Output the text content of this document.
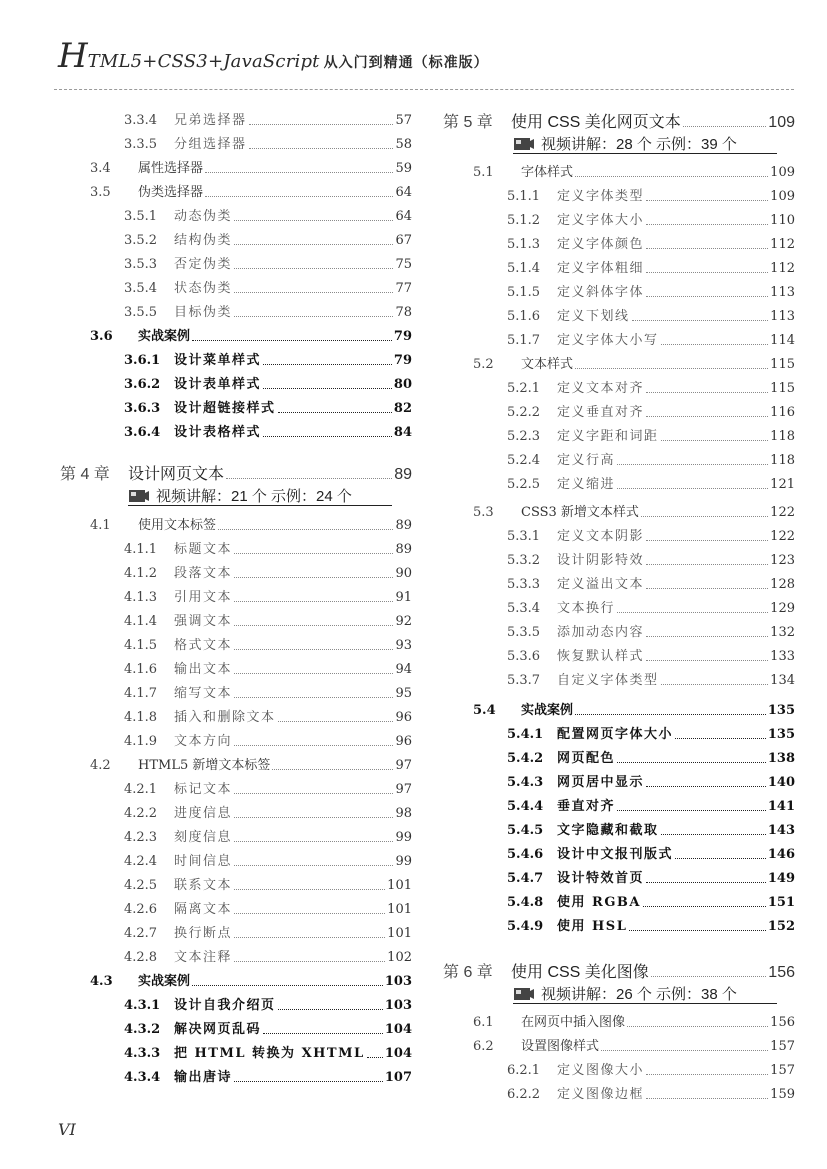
HTML5+CSS3+JavaScript 从入门到精通（标准版）
3.3.4	兄弟选择器	57
3.3.5	分组选择器	58
3.4	属性选择器	59
3.5	伪类选择器	64
3.5.1	动态伪类	64
3.5.2	结构伪类	67
3.5.3	否定伪类	75
3.5.4	状态伪类	77
3.5.5	目标伪类	78
3.6	实战案例	79
3.6.1	设计菜单样式	79
3.6.2	设计表单样式	80
3.6.3	设计超链接样式	82
3.6.4	设计表格样式	84
第 4 章	设计网页文本	89
视频讲解：21 个 示例：24 个
4.1	使用文本标签	89
4.1.1	标题文本	89
4.1.2	段落文本	90
4.1.3	引用文本	91
4.1.4	强调文本	92
4.1.5	格式文本	93
4.1.6	输出文本	94
4.1.7	缩写文本	95
4.1.8	插入和删除文本	96
4.1.9	文本方向	96
4.2	HTML5 新增文本标签	97
4.2.1	标记文本	97
4.2.2	进度信息	98
4.2.3	刻度信息	99
4.2.4	时间信息	99
4.2.5	联系文本	101
4.2.6	隔离文本	101
4.2.7	换行断点	101
4.2.8	文本注释	102
4.3	实战案例	103
4.3.1	设计自我介绍页	103
4.3.2	解决网页乱码	104
4.3.3	把 HTML 转换为 XHTML 104
4.3.4	输出唐诗	107
第 5 章	使用 CSS 美化网页文本	109
视频讲解：28 个 示例：39 个
5.1	字体样式	109
5.1.1	定义字体类型	109
5.1.2	定义字体大小	110
5.1.3	定义字体颜色	112
5.1.4	定义字体粗细	112
5.1.5	定义斜体字体	113
5.1.6	定义下划线	113
5.1.7	定义字体大小写	114
5.2	文本样式	115
5.2.1	定义文本对齐	115
5.2.2	定义垂直对齐	116
5.2.3	定义字距和词距	118
5.2.4	定义行高	118
5.2.5	定义缩进	121
5.3	CSS3 新增文本样式	122
5.3.1	定义文本阴影	122
5.3.2	设计阴影特效	123
5.3.3	定义溢出文本	128
5.3.4	文本换行	129
5.3.5	添加动态内容	132
5.3.6	恢复默认样式	133
5.3.7	自定义字体类型	134
5.4	实战案例	135
5.4.1	配置网页字体大小	135
5.4.2	网页配色	138
5.4.3	网页居中显示	140
5.4.4	垂直对齐	141
5.4.5	文字隐藏和截取	143
5.4.6	设计中文报刊版式	146
5.4.7	设计特效首页	149
5.4.8	使用 RGBA	151
5.4.9	使用 HSL	152
第 6 章	使用 CSS 美化图像	156
视频讲解：26 个 示例：38 个
6.1	在网页中插入图像	156
6.2	设置图像样式	157
6.2.1	定义图像大小	157
6.2.2	定义图像边框	159
VI
